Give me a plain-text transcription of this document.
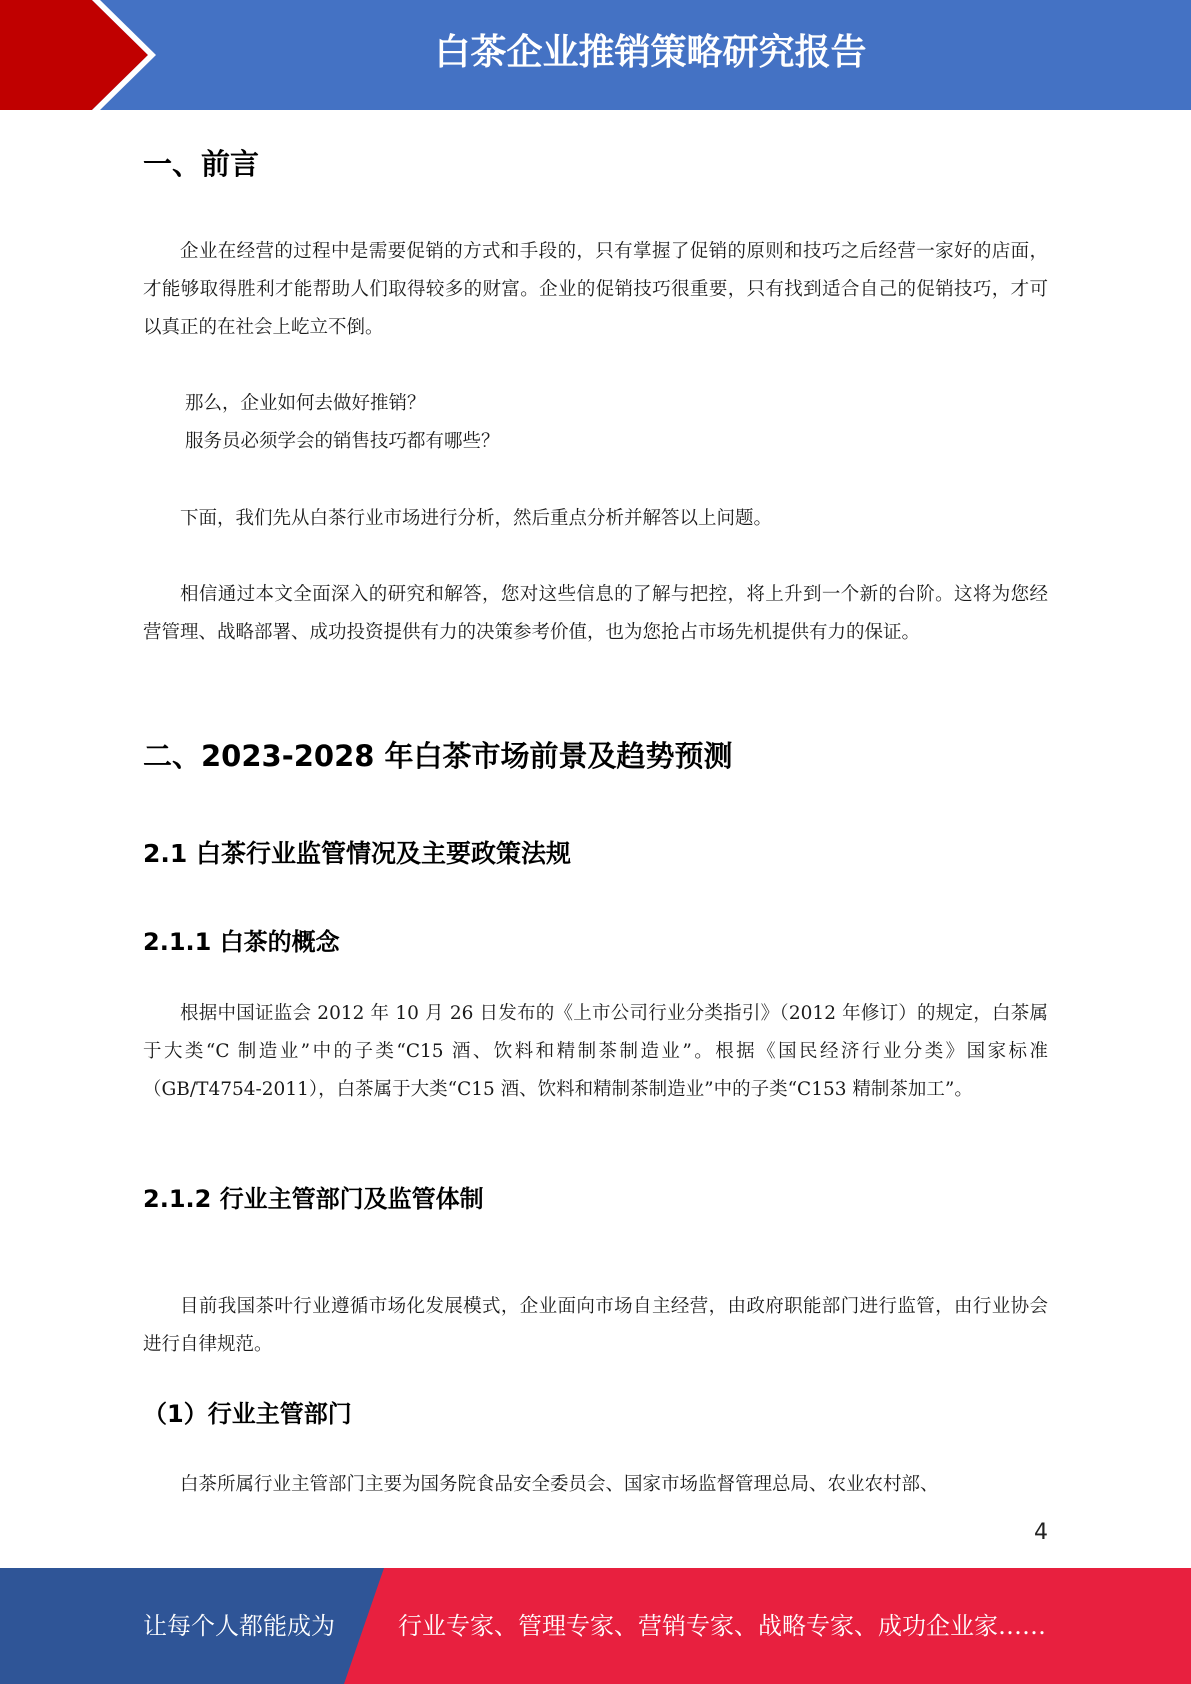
白茶企业推销策略研究报告
一、前言

企业在经营的过程中是需要促销的方式和手段的，只有掌握了促销的原则和技巧之后经营一家好的店面，才能够取得胜利才能帮助人们取得较多的财富。企业的促销技巧很重要，只有找到适合自己的促销技巧，才可以真正的在社会上屹立不倒。

那么，企业如何去做好推销？
服务员必须学会的销售技巧都有哪些？

下面，我们先从白茶行业市场进行分析，然后重点分析并解答以上问题。

相信通过本文全面深入的研究和解答，您对这些信息的了解与把控，将上升到一个新的台阶。这将为您经营管理、战略部署、成功投资提供有力的决策参考价值，也为您抢占市场先机提供有力的保证。

二、2023-2028 年白茶市场前景及趋势预测
2.1 白茶行业监管情况及主要政策法规
2.1.1 白茶的概念

根据中国证监会 2012 年 10 月 26 日发布的《上市公司行业分类指引》（2012 年修订）的规定，白茶属于大类“C 制造业”中的子类“C15 酒、饮料和精制茶制造业”。根据《国民经济行业分类》国家标准（GB/T4754-2011），白茶属于大类“C15 酒、饮料和精制茶制造业”中的子类“C153 精制茶加工”。

2.1.2 行业主管部门及监管体制

目前我国茶叶行业遵循市场化发展模式，企业面向市场自主经营，由政府职能部门进行监管，由行业协会进行自律规范。

（1）行业主管部门

白茶所属行业主管部门主要为国务院食品安全委员会、国家市场监督管理总局、农业农村部、

4
让每个人都能成为	行业专家、管理专家、营销专家、战略专家、成功企业家……
